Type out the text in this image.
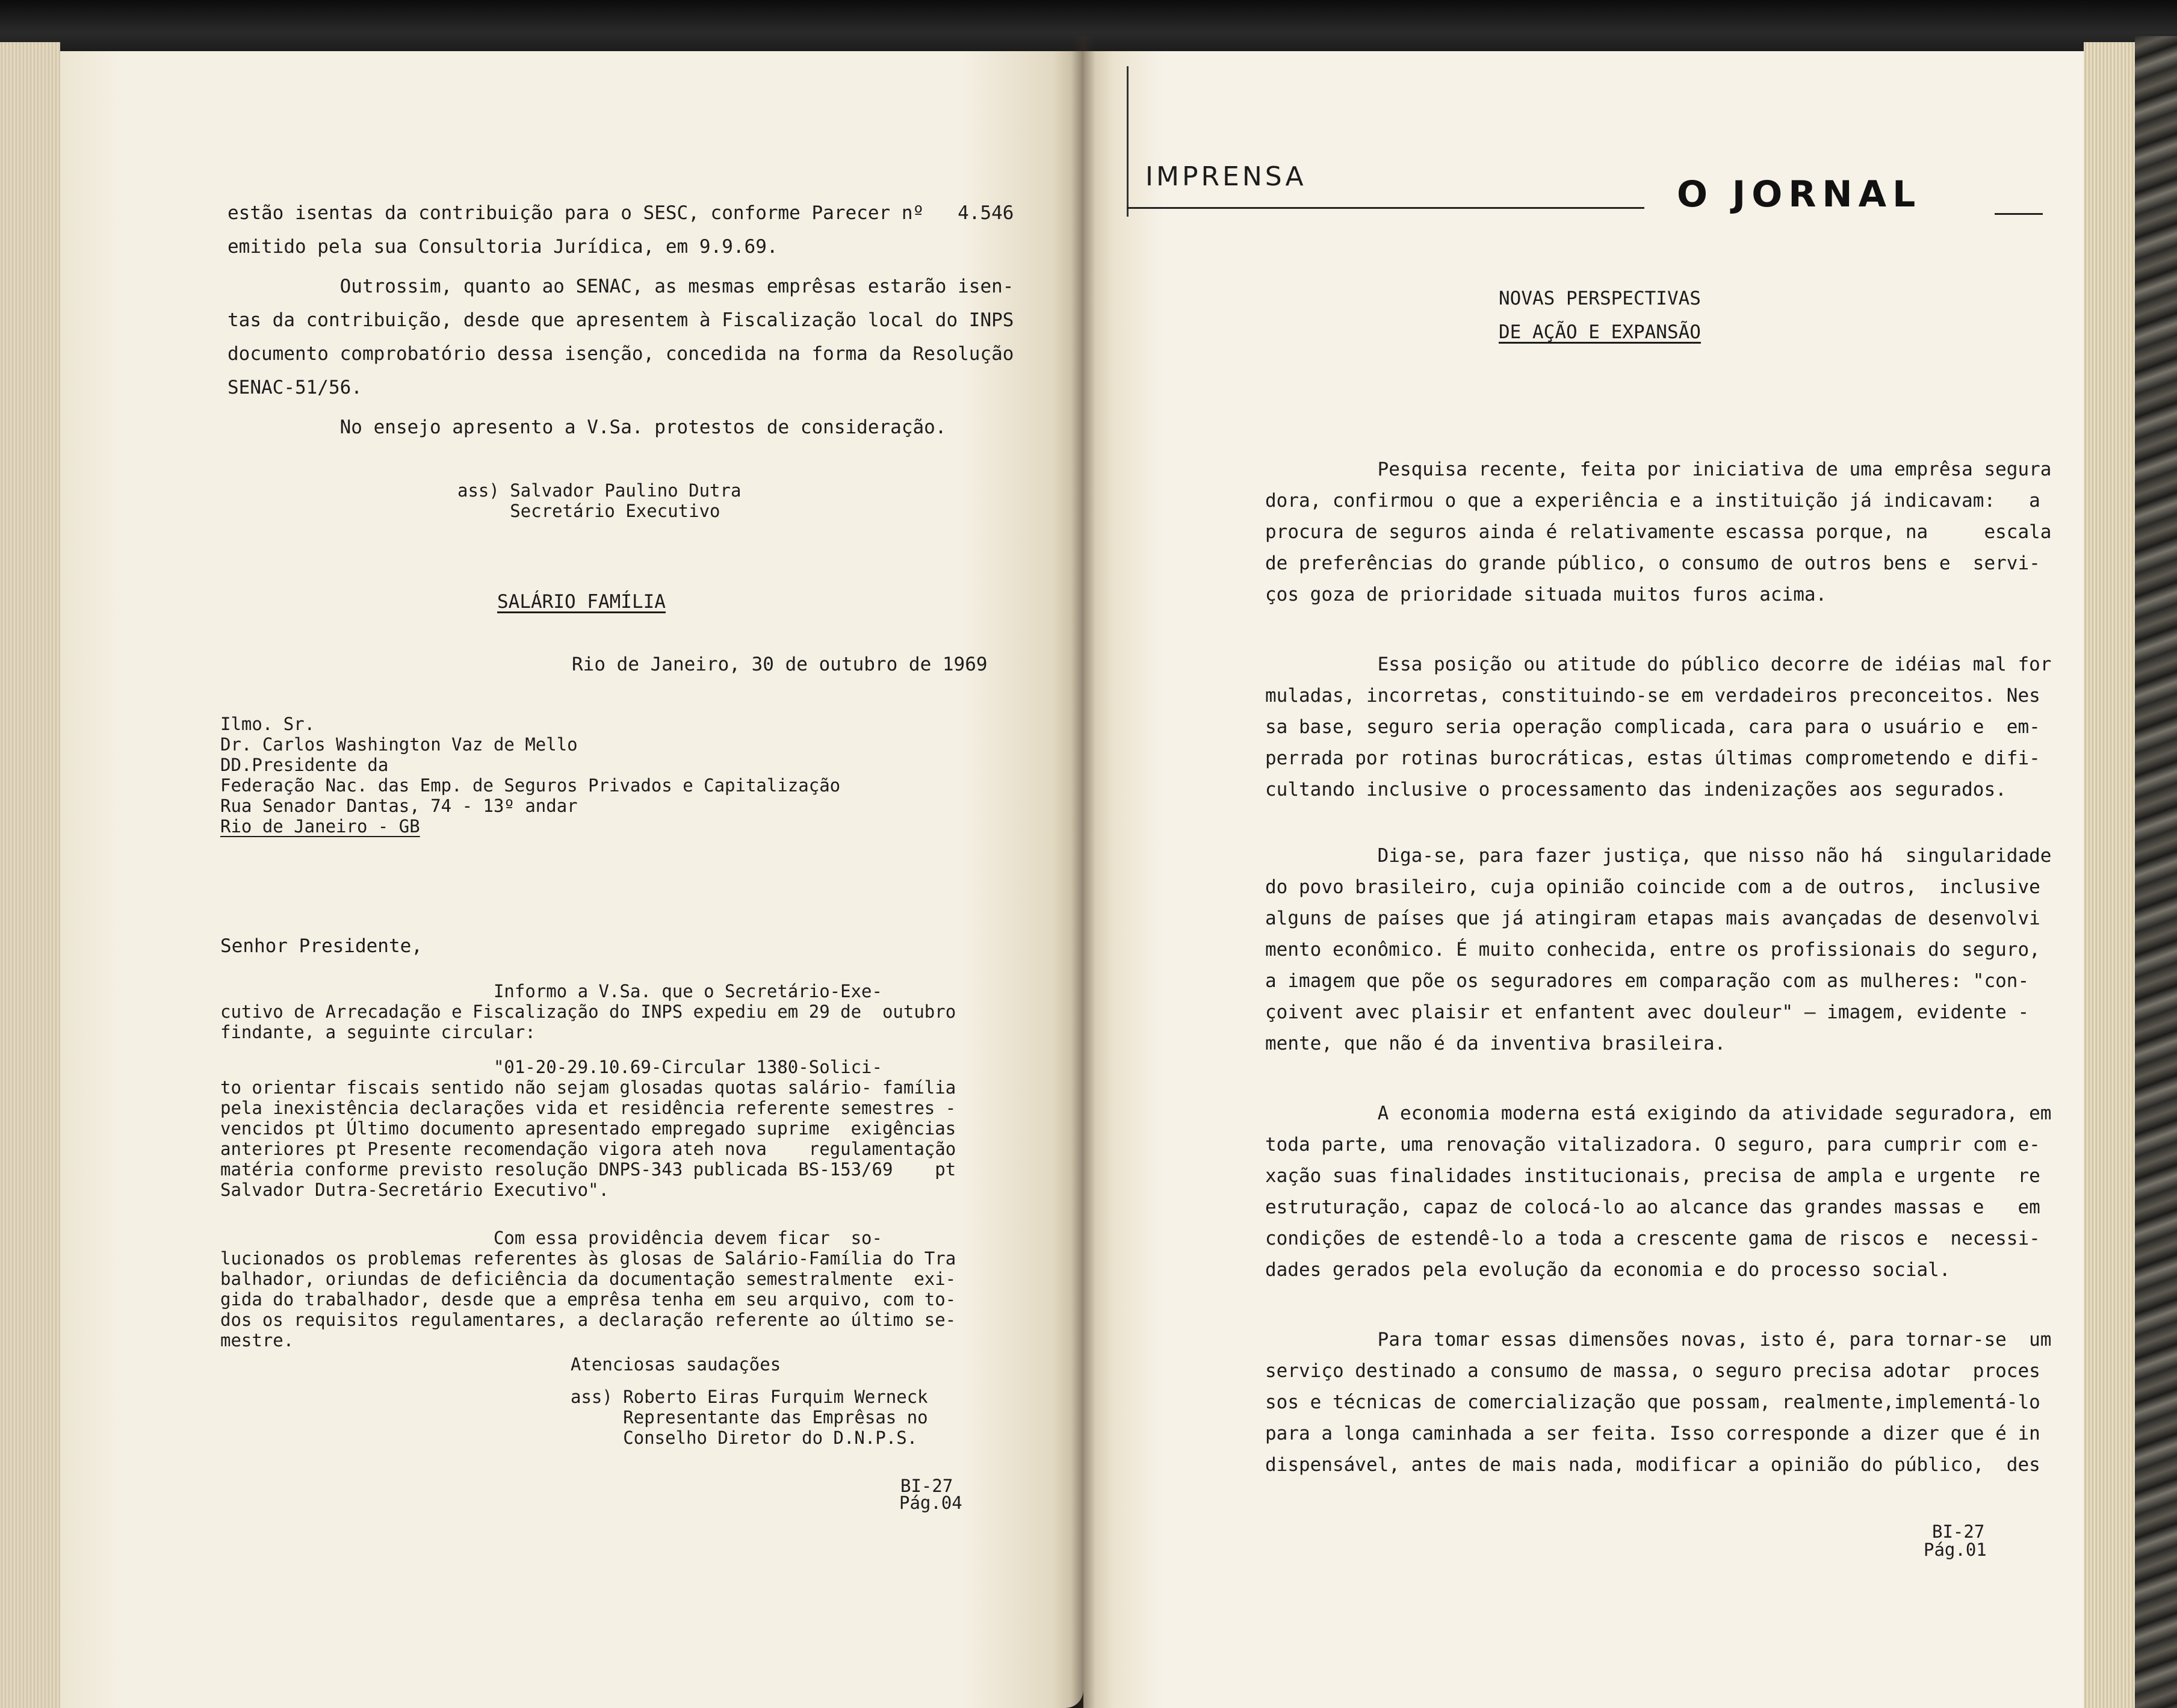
estão isentas da contribuição para o SESC, conforme Parecer nº   4.546
emitido pela sua Consultoria Jurídica, em 9.9.69.
Outrossim, quanto ao SENAC, as mesmas emprêsas estarão isen-
tas da contribuição, desde que apresentem à Fiscalização local do INPS
documento comprobatório dessa isenção, concedida na forma da Resolução
SENAC-51/56.
No ensejo apresento a V.Sa. protestos de consideração.
ass) Salvador Paulino Dutra
Secretário Executivo
SALÁRIO FAMÍLIA
Rio de Janeiro, 30 de outubro de 1969
Ilmo. Sr.
Dr. Carlos Washington Vaz de Mello
DD.Presidente da
Federação Nac. das Emp. de Seguros Privados e Capitalização
Rua Senador Dantas, 74 - 13º andar
Rio de Janeiro - GB
Senhor Presidente,
Informo a V.Sa. que o Secretário-Exe-
cutivo de Arrecadação e Fiscalização do INPS expediu em 29 de  outubro
findante, a seguinte circular:
"01-20-29.10.69-Circular 1380-Solici-
to orientar fiscais sentido não sejam glosadas quotas salário- família
pela inexistência declarações vida et residência referente semestres -
vencidos pt Último documento apresentado empregado suprime  exigências
anteriores pt Presente recomendação vigora ateh nova    regulamentação
matéria conforme previsto resolução DNPS-343 publicada BS-153/69    pt
Salvador Dutra-Secretário Executivo".
Com essa providência devem ficar  so-
lucionados os problemas referentes às glosas de Salário-Família do Tra
balhador, oriundas de deficiência da documentação semestralmente  exi-
gida do trabalhador, desde que a emprêsa tenha em seu arquivo, com to-
dos os requisitos regulamentares, a declaração referente ao último se-
mestre.
Atenciosas saudações
ass) Roberto Eiras Furquim Werneck
Representante das Emprêsas no
Conselho Diretor do D.N.P.S.
BI-27
Pág.04
IMPRENSA	O JORNAL
NOVAS PERSPECTIVAS
DE AÇÃO E EXPANSÃO
Pesquisa recente, feita por iniciativa de uma emprêsa segura
dora, confirmou o que a experiência e a instituição já indicavam:   a
procura de seguros ainda é relativamente escassa porque, na     escala
de preferências do grande público, o consumo de outros bens e  servi-
ços goza de prioridade situada muitos furos acima.
Essa posição ou atitude do público decorre de idéias mal for
muladas, incorretas, constituindo-se em verdadeiros preconceitos. Nes
sa base, seguro seria operação complicada, cara para o usuário e  em-
perrada por rotinas burocráticas, estas últimas comprometendo e difi-
cultando inclusive o processamento das indenizações aos segurados.
Diga-se, para fazer justiça, que nisso não há  singularidade
do povo brasileiro, cuja opinião coincide com a de outros,  inclusive
alguns de países que já atingiram etapas mais avançadas de desenvolvi
mento econômico. É muito conhecida, entre os profissionais do seguro,
a imagem que põe os seguradores em comparação com as mulheres: "con-
çoivent avec plaisir et enfantent avec douleur" — imagem, evidente -
mente, que não é da inventiva brasileira.
A economia moderna está exigindo da atividade seguradora, em
toda parte, uma renovação vitalizadora. O seguro, para cumprir com e-
xação suas finalidades institucionais, precisa de ampla e urgente  re
estruturação, capaz de colocá-lo ao alcance das grandes massas e   em
condições de estendê-lo a toda a crescente gama de riscos e  necessi-
dades gerados pela evolução da economia e do processo social.
Para tomar essas dimensões novas, isto é, para tornar-se  um
serviço destinado a consumo de massa, o seguro precisa adotar  proces
sos e técnicas de comercialização que possam, realmente,implementá-lo
para a longa caminhada a ser feita. Isso corresponde a dizer que é in
dispensável, antes de mais nada, modificar a opinião do público,  des
BI-27
Pág.01
